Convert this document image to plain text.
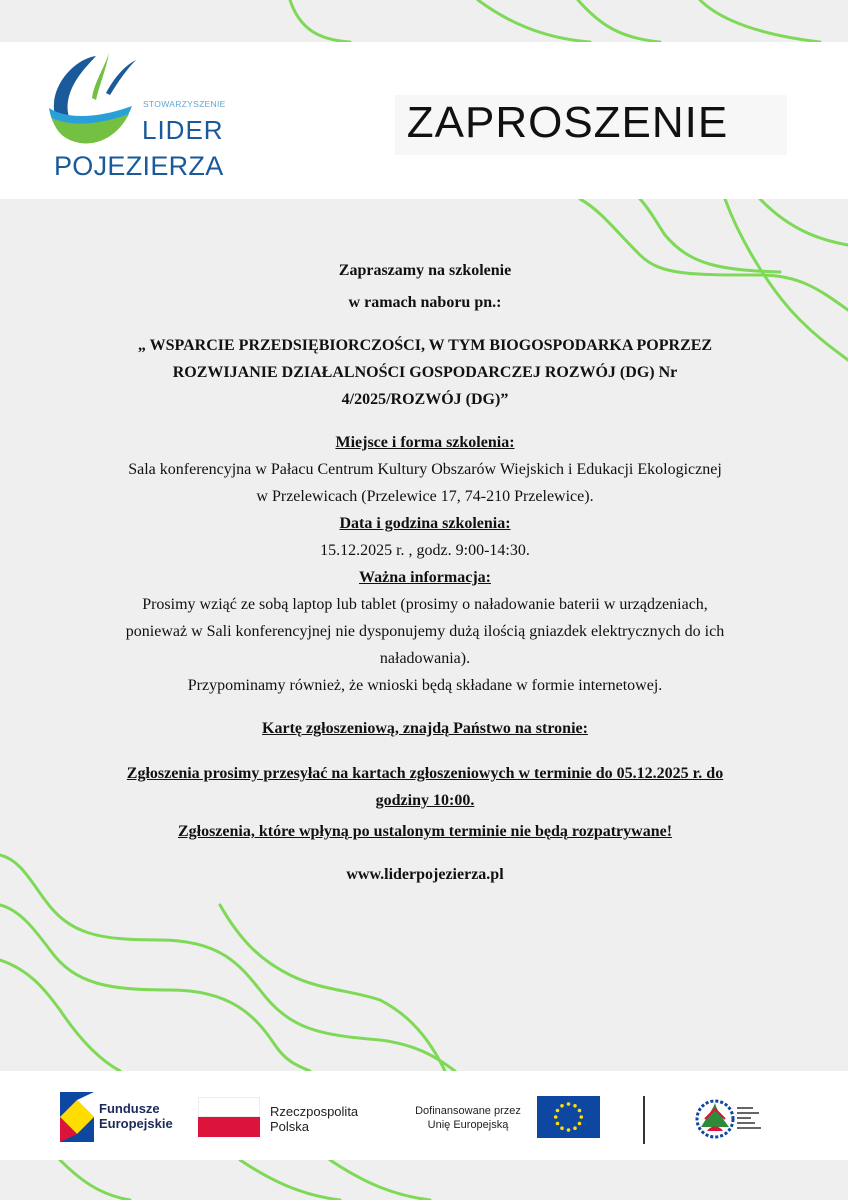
STOWARZYSZENIE
LIDER
POJEZIERZA
ZAPROSZENIE

Zapraszamy na szkolenie

w ramach naboru pn.:

„ WSPARCIE PRZEDSIĘBIORCZOŚCI, W TYM BIOGOSPODARKA POPRZEZ

ROZWIJANIE DZIAŁALNOŚCI GOSPODARCZEJ ROZWÓJ (DG) Nr

4/2025/ROZWÓJ (DG)”

Miejsce i forma szkolenia:

Sala konferencyjna w Pałacu Centrum Kultury Obszarów Wiejskich i Edukacji Ekologicznej

w Przelewicach (Przelewice 17, 74-210 Przelewice).

Data i godzina szkolenia:

15.12.2025 r. , godz. 9:00-14:30.

Ważna informacja:

Prosimy wziąć ze sobą laptop lub tablet (prosimy o naładowanie baterii w urządzeniach,

ponieważ w Sali konferencyjnej nie dysponujemy dużą ilością gniazdek elektrycznych do ich

naładowania).

Przypominamy również, że wnioski będą składane w formie internetowej.

Kartę zgłoszeniową, znajdą Państwo na stronie:

Zgłoszenia prosimy przesyłać na kartach zgłoszeniowych w terminie do 05.12.2025 r. do

godziny 10:00.

Zgłoszenia, które wpłyną po ustalonym terminie nie będą rozpatrywane!

www.liderpojezierza.pl

Fundusze
Europejskie
Rzeczpospolita
Polska
Dofinansowane przez
Unię Europejską
